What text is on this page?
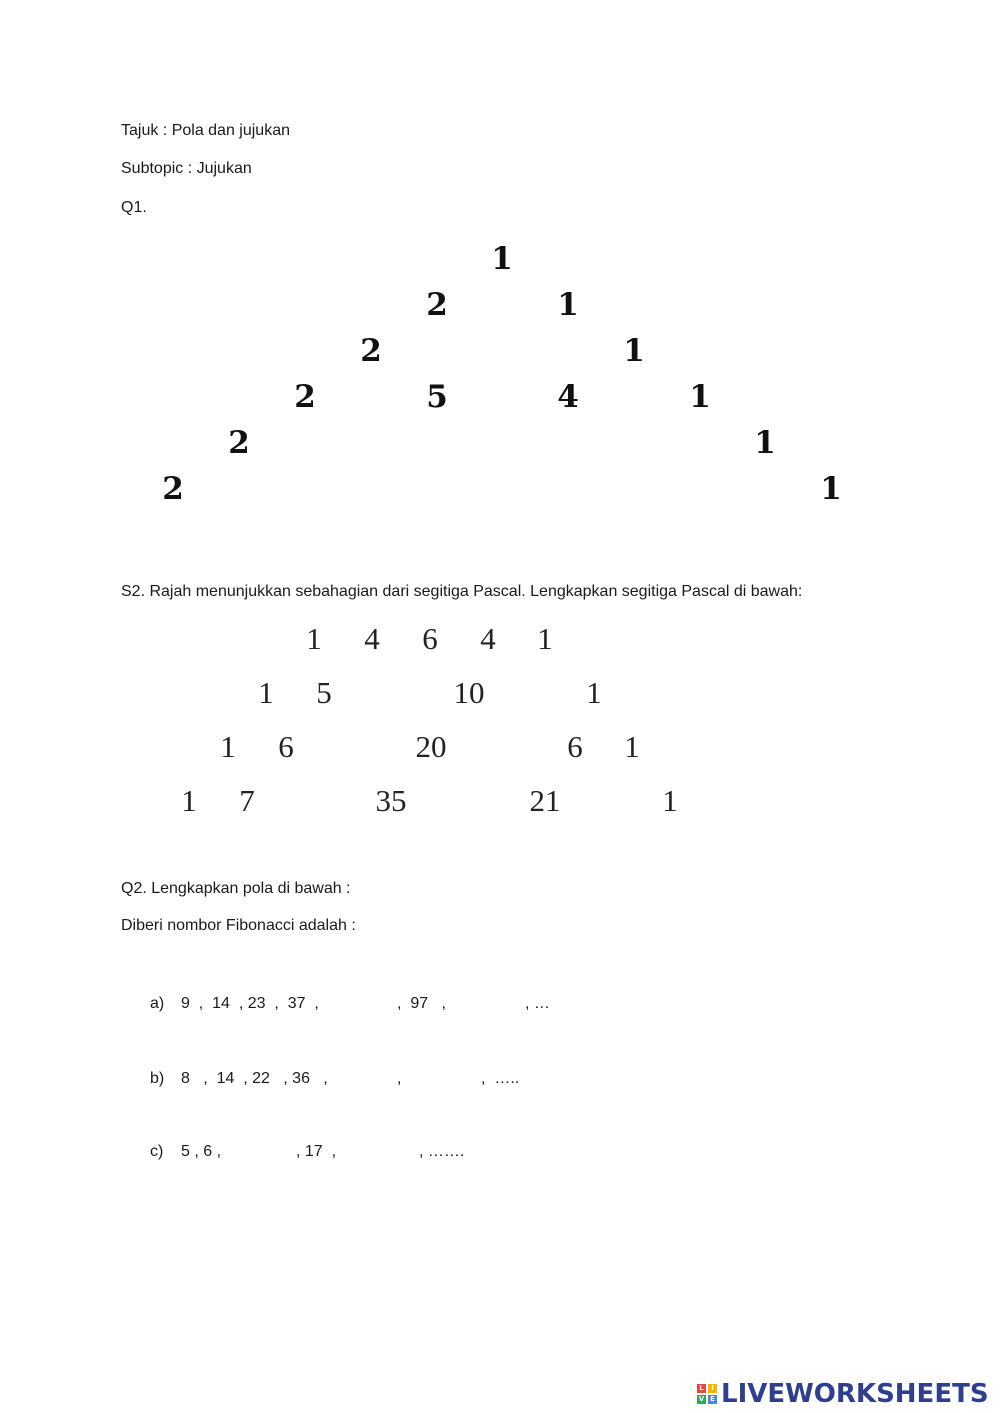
Tajuk : Pola dan jujukan
Subtopic : Jujukan
Q1.
1
2	1
2	1
2	5	4	1
2	1
2	1
S2. Rajah menunjukkan sebahagian dari segitiga Pascal. Lengkapkan segitiga Pascal di bawah:
1 4 6 4 1
1 5	10	1
1 6	20	6 1
1 7	35	21	1
Q2. Lengkapkan pola di bawah :
Diberi nombor Fibonacci adalah :
a) 9  ,  14  , 23  ,  37  ,	,  97   ,	, …
b) 8   ,  14  , 22   , 36   ,	,	,  …..
c) 5 , 6 ,	, 17  ,	, …….
L	I
V E LIVEWORKSHEETS
